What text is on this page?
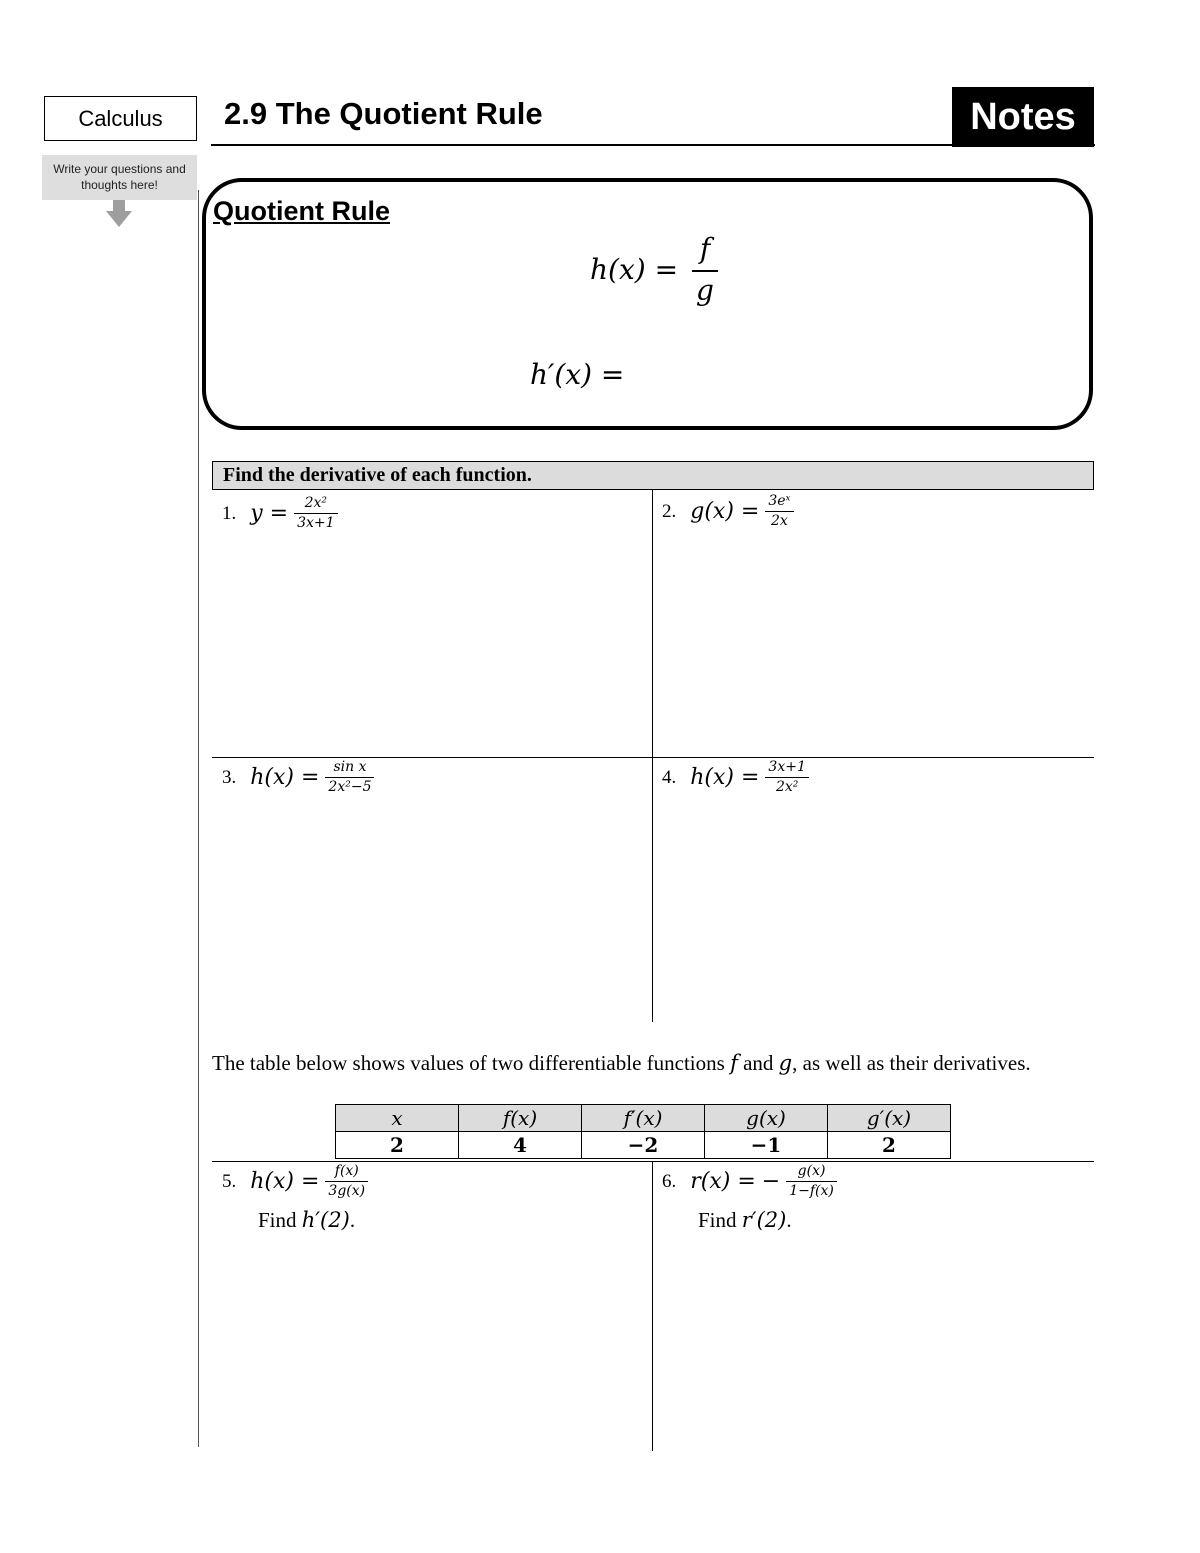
Calculus
Write your questions and thoughts here!
2.9 The Quotient Rule	Notes
Quotient Rule
h(x) =
f
g
h′(x) =
Find the derivative of each function.
1. y = 2x²
3x+1
2. g(x) = 3eˣ
2x
3. h(x) = sin x
2x²−5	4. h(x) = 3x+1
2x²
The table below shows values of two differentiable functions f and g, as well as their derivatives.
x	f(x)	f′(x)	g(x)	g′(x)
2	4	−2	−1	2
5. h(x) = f(x)
3g(x)
Find h′(2).
6. r(x) = − g(x)
1−f(x)
Find r′(2).
